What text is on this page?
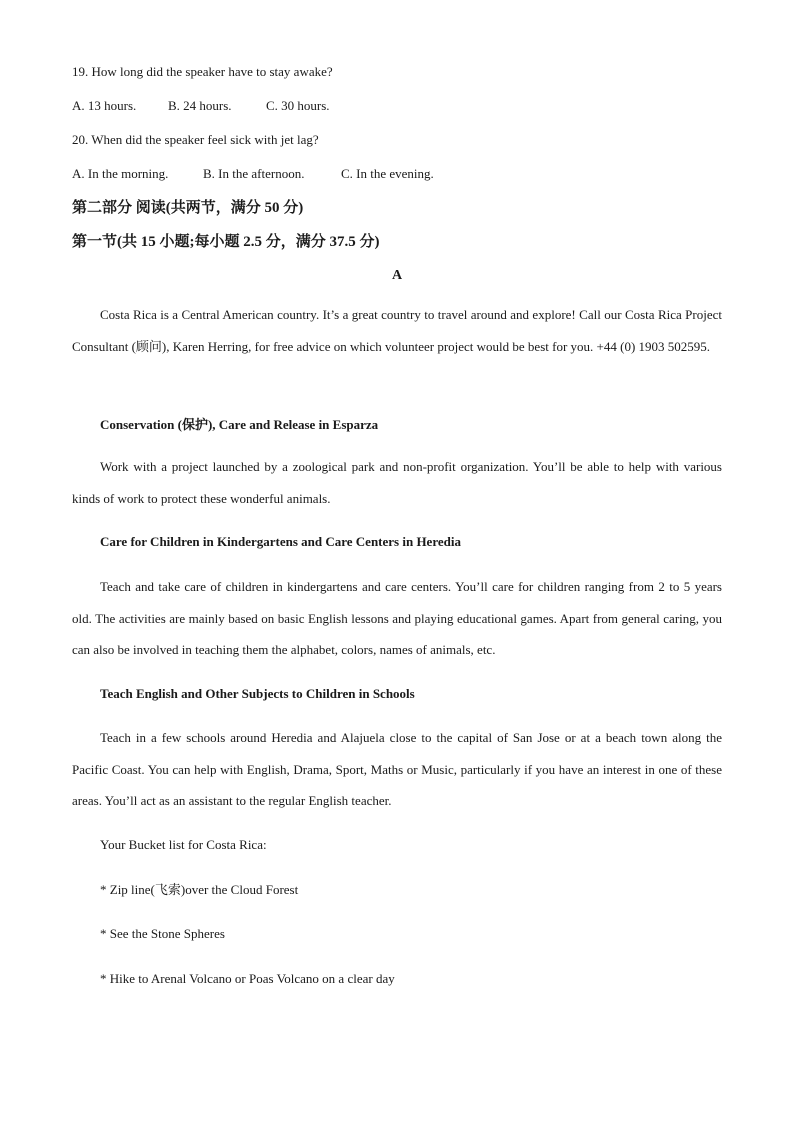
19. How long did the speaker have to stay awake?
A. 13 hours. B. 24 hours.	C. 30 hours.
20. When did the speaker feel sick with jet lag?
A. In the morning.	B. In the afternoon.	C. In the evening.
第二部分 阅读(共两节，满分 50 分)
第一节(共 15 小题;每小题 2.5 分，满分 37.5 分)
A
Costa Rica is a Central American country. It’s a great country to travel around and explore! Call our Costa Rica Project Consultant (顾问), Karen Herring, for free advice on which volunteer project would be best for you. +44 (0) 1903 502595.
Conservation (保护), Care and Release in Esparza
Work with a project launched by a zoological park and non-profit organization. You’ll be able to help with various kinds of work to protect these wonderful animals.
Care for Children in Kindergartens and Care Centers in Heredia
Teach and take care of children in kindergartens and care centers. You’ll care for children ranging from 2 to 5 years old. The activities are mainly based on basic English lessons and playing educational games. Apart from general caring, you can also be involved in teaching them the alphabet, colors, names of animals, etc.
Teach English and Other Subjects to Children in Schools
Teach in a few schools around Heredia and Alajuela close to the capital of San Jose or at a beach town along the Pacific Coast. You can help with English, Drama, Sport, Maths or Music, particularly if you have an interest in one of these areas. You’ll act as an assistant to the regular English teacher.
Your Bucket list for Costa Rica:
* Zip line(飞索)over the Cloud Forest
* See the Stone Spheres
* Hike to Arenal Volcano or Poas Volcano on a clear day
